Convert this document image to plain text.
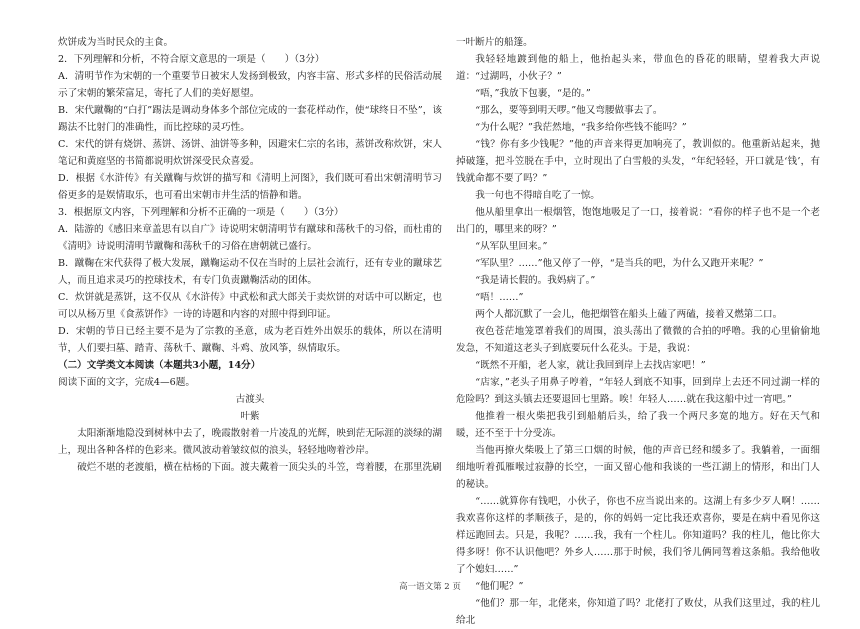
炊饼成为当时民众的主食。

2．下列理解和分析，不符合原文意思的一项是（　　）（3分）

A．清明节作为宋朝的一个重要节日被宋人发扬到极致，内容丰富、形式多样的民俗活动展示了宋朝的繁荣富足，寄托了人们的美好愿望。

B．宋代蹴鞠的“白打”踢法是调动身体多个部位完成的一套花样动作，使“球终日不坠”，该踢法不比射门的准确性，而比控球的灵巧性。

C．宋代的饼有烧饼、蒸饼、汤饼、油饼等多种，因避宋仁宗的名讳，蒸饼改称炊饼，宋人笔记和黄庭坚的书简都说明炊饼深受民众喜爱。

D．根据《水浒传》有关蹴鞠与炊饼的描写和《清明上河图》，我们既可看出宋朝清明节习俗更多的是娱情取乐，也可看出宋朝市井生活的悟静和谐。

3．根据原文内容，下列理解和分析不正确的一项是（　　）（3分）

A．陆游的《感旧来章盖思有以自广》诗说明宋朝清明节有蹴球和荡秋千的习俗，而杜甫的《清明》诗说明清明节蹴鞠和荡秋千的习俗在唐朝就已盛行。

B．蹴鞠在宋代获得了极大发展，蹴鞠运动不仅在当时的上层社会流行，还有专业的蹴球艺人，而且追求灵巧的控球技术，有专门负责蹴鞠活动的团体。

C．炊饼就是蒸饼，这不仅从《水浒传》中武松和武大郎关于卖炊饼的对话中可以断定，也可以从杨万里《食蒸饼作》一诗的诗题和内容的对照中得到印证。

D．宋朝的节日已经主要不是为了宗教的圣意，成为老百姓外出娱乐的载体，所以在清明节，人们要扫墓、踏青、荡秋千、蹴鞠、斗鸡、放风筝，纵情取乐。

（二）文学类文本阅读（本题共3小题，14分）

阅读下面的文字，完成4—6题。

古渡头

叶紫

太阳渐渐地隐没到树林中去了，晚霞散射着一片凌乱的光辉，映到茫无际涯的淡绿的湖上，现出各种各样的色彩来。微风波动着皱纹似的浪头，轻轻地吻着沙岸。

破烂不堪的老渡船，横在枯杨的下面。渡夫戴着一顶尖头的斗笠，弯着腰，在那里洗刷

一叶断片的船篷。

我轻轻地踱到他的船上，他抬起头来，带血色的昏花的眼睛，望着我大声说道：“过湖吗，小伙子？”

“唔，”我放下包裹，“是的。”

“那么，要等到明天啰。”他又弯腰做事去了。

“为什么呢？”我茫然地，“我多给你些钱不能吗？”

“钱？你有多少钱呢？”他的声音来得更加响亮了，教训似的。他重新站起来，抛掉破篷，把斗笠脱在手中，立时现出了白雪般的头发，“年纪轻轻，开口就是‘钱’，有钱就命都不要了吗？”

我一句也不得暗自吃了一惊。

他从船里拿出一根烟管，饱饱地吸足了一口，接着说：“看你的样子也不是一个老出门的，哪里来的呀？”

“从军队里回来。”

“军队里？……”他又停了一停，“是当兵的吧，为什么又跑开来呢？”

“我是请长假的。我妈病了。”

“唔！……”

两个人都沉默了一会儿，他把烟管在船头上磕了两磕，接着又燃第二口。

夜色苍茫地笼罩着我们的周围，浪头荡出了微微的合拍的呼噜。我的心里偷偷地发急，不知道这老头子到底要玩什么花头。于是，我说：

“既然不开船，老人家，就让我回到岸上去找店家吧！”

“店家，”老头子用鼻子哼着，“年轻人到底不知事，回到岸上去还不同过湖一样的危险吗？到这头镇去还要退回七里路。唉！年轻人……就在我这船中过一宵吧。”

他推着一根火柴把我引到船艄后头，给了我一个两尺多宽的地方。好在天气和暖，还不至于十分受冻。

当他再撩火柴吸上了第三口烟的时候，他的声音已经和缓多了。我躺着，一面细细地听着孤雁喉过寂静的长空，一面又留心他和我谈的一些江湖上的情形，和出门人的秘诀。

“……就算你有钱吧，小伙子，你也不应当说出来的。这湖上有多少歹人啊！……我欢喜你这样的孝顺孩子，是的，你的妈妈一定比我还欢喜你，要是在病中看见你这样远跑回去。只是，我呢？……我，我有一个柱儿。你知道吗？我的柱儿，他比你大得多呀！你不认识他吧？外乡人……那于时候，我们爷儿俩同驾着这条船。我给他收了个媳妇……”

“他们呢？”

“他们？那一年，北佬来，你知道了吗？北佬打了败仗，从我们这里过，我的柱儿给北

高一语文第 2 页
